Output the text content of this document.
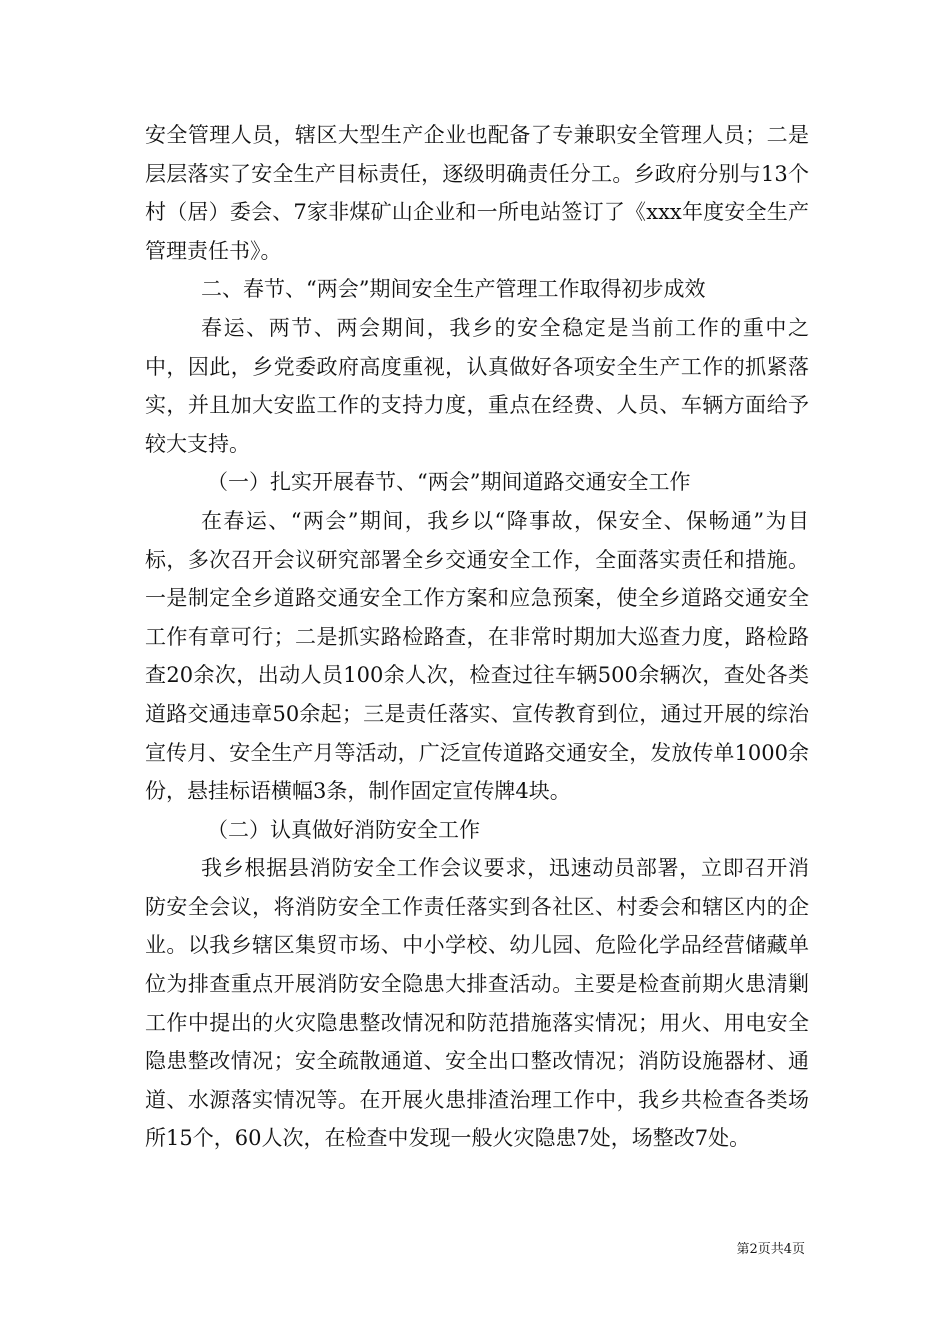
安全管理人员，辖区大型生产企业也配备了专兼职安全管理人员；二是层层落实了安全生产目标责任，逐级明确责任分工。乡政府分别与13个村（居）委会、7家非煤矿山企业和一所电站签订了《xxx年度安全生产管理责任书》。

二、春节、“两会”期间安全生产管理工作取得初步成效

春运、两节、两会期间，我乡的安全稳定是当前工作的重中之中，因此，乡党委政府高度重视，认真做好各项安全生产工作的抓紧落实，并且加大安监工作的支持力度，重点在经费、人员、车辆方面给予较大支持。

（一）扎实开展春节、“两会”期间道路交通安全工作

在春运、“两会”期间，我乡以“降事故，保安全、保畅通”为目标，多次召开会议研究部署全乡交通安全工作，全面落实责任和措施。一是制定全乡道路交通安全工作方案和应急预案，使全乡道路交通安全工作有章可行；二是抓实路检路查，在非常时期加大巡查力度，路检路查20余次，出动人员100余人次，检查过往车辆500余辆次，查处各类道路交通违章50余起；三是责任落实、宣传教育到位，通过开展的综治宣传月、安全生产月等活动，广泛宣传道路交通安全，发放传单1000余份，悬挂标语横幅3条，制作固定宣传牌4块。

（二）认真做好消防安全工作

我乡根据县消防安全工作会议要求，迅速动员部署，立即召开消防安全会议，将消防安全工作责任落实到各社区、村委会和辖区内的企业。以我乡辖区集贸市场、中小学校、幼儿园、危险化学品经营储藏单位为排查重点开展消防安全隐患大排查活动。主要是检查前期火患清剿工作中提出的火灾隐患整改情况和防范措施落实情况；用火、用电安全隐患整改情况；安全疏散通道、安全出口整改情况；消防设施器材、通道、水源落实情况等。在开展火患排渣治理工作中，我乡共检查各类场所15个，60人次，在检查中发现一般火灾隐患7处，场整改7处。

第2页共4页
